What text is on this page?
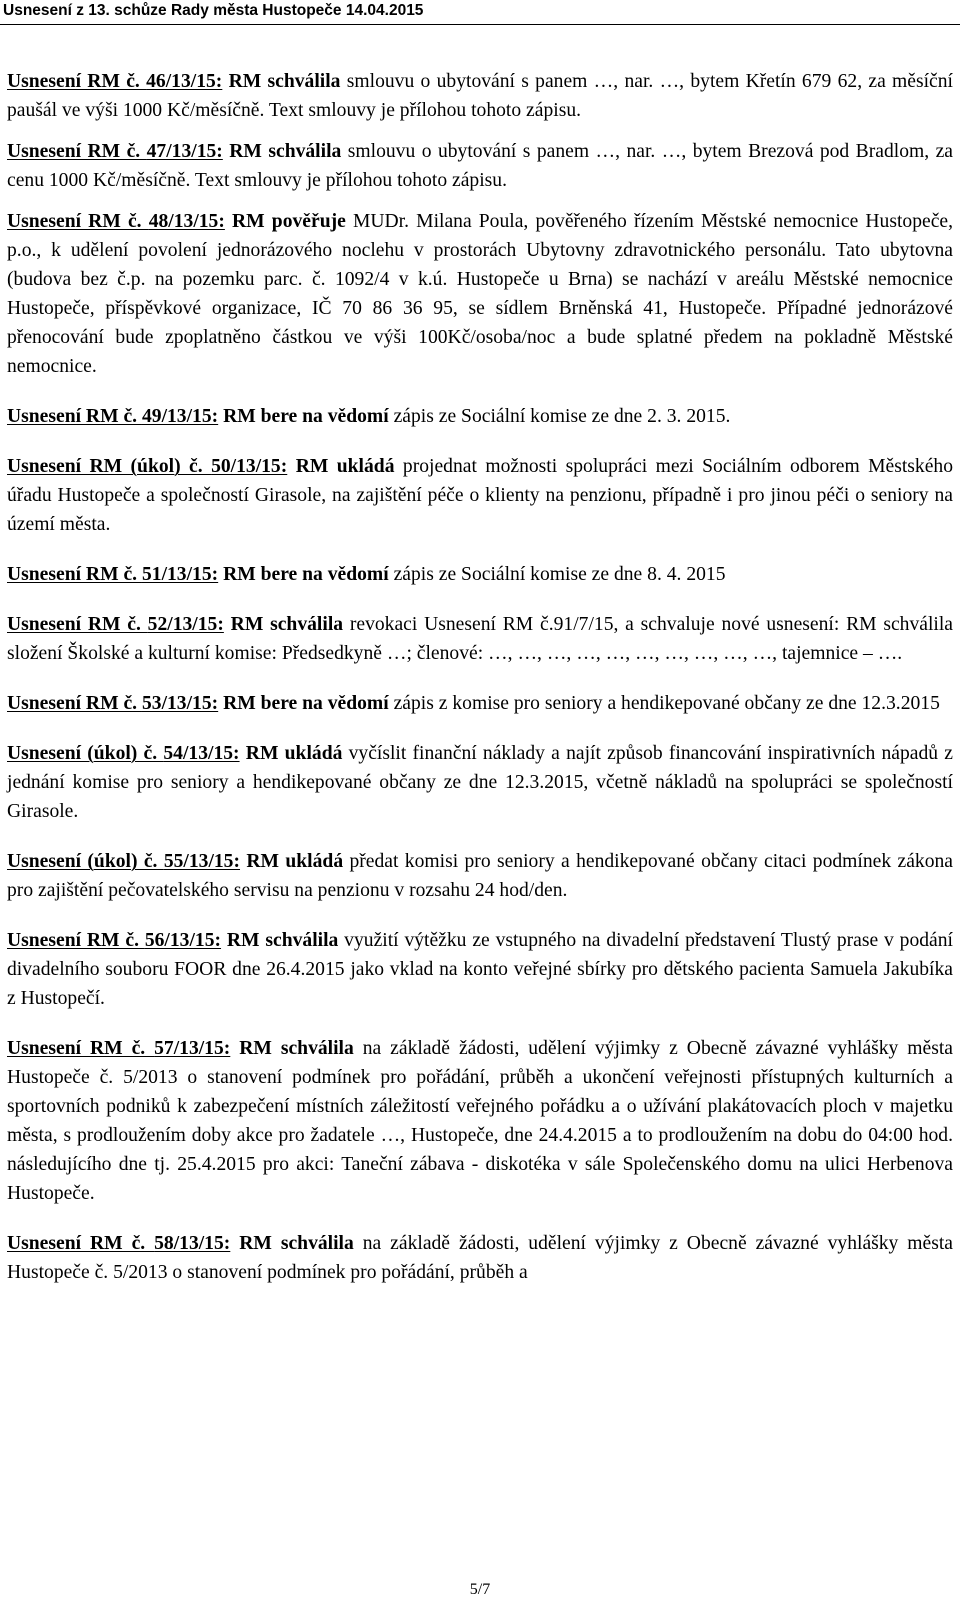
Usnesení z 13. schůze Rady města Hustopeče 14.04.2015

Usnesení RM č. 46/13/15: RM schválila smlouvu o ubytování s panem …, nar. …, bytem Křetín 679 62, za měsíční paušál ve výši 1000 Kč/měsíčně. Text smlouvy je přílohou tohoto zápisu.

Usnesení RM č. 47/13/15: RM schválila smlouvu o ubytování s panem …, nar. …, bytem Brezová pod Bradlom, za cenu 1000 Kč/měsíčně. Text smlouvy je přílohou tohoto zápisu.

Usnesení RM č. 48/13/15: RM pověřuje MUDr. Milana Poula, pověřeného řízením Městské nemocnice Hustopeče, p.o., k udělení povolení jednorázového noclehu v prostorách Ubytovny zdravotnického personálu. Tato ubytovna (budova bez č.p. na pozemku parc. č. 1092/4 v k.ú. Hustopeče u Brna) se nachází v areálu Městské nemocnice Hustopeče, příspěvkové organizace, IČ 70 86 36 95, se sídlem Brněnská 41, Hustopeče. Případné jednorázové přenocování bude zpoplatněno částkou ve výši 100Kč/osoba/noc a bude splatné předem na pokladně Městské nemocnice.

Usnesení RM č. 49/13/15: RM bere na vědomí zápis ze Sociální komise ze dne 2. 3. 2015.

Usnesení RM (úkol) č. 50/13/15: RM ukládá projednat možnosti spolupráci mezi Sociálním odborem Městského úřadu Hustopeče a společností Girasole, na zajištění péče o klienty na penzionu, případně i pro jinou péči o seniory na území města.

Usnesení RM č. 51/13/15: RM bere na vědomí zápis ze Sociální komise ze dne 8. 4. 2015

Usnesení RM č. 52/13/15: RM schválila revokaci Usnesení RM č.91/7/15, a schvaluje nové usnesení: RM schválila složení Školské a kulturní komise: Předsedkyně …; členové: …, …, …, …, …, …, …, …, …, …, tajemnice – ….

Usnesení RM č. 53/13/15: RM bere na vědomí zápis z komise pro seniory a hendikepované občany ze dne 12.3.2015

Usnesení (úkol) č. 54/13/15: RM ukládá vyčíslit finanční náklady a najít způsob financování inspirativních nápadů z jednání komise pro seniory a hendikepované občany ze dne 12.3.2015, včetně nákladů na spolupráci se společností Girasole.

Usnesení (úkol) č. 55/13/15: RM ukládá předat komisi pro seniory a hendikepované občany citaci podmínek zákona pro zajištění pečovatelského servisu na penzionu v rozsahu 24 hod/den.

Usnesení RM č. 56/13/15: RM schválila využití výtěžku ze vstupného na divadelní představení Tlustý prase v podání divadelního souboru FOOR dne 26.4.2015 jako vklad na konto veřejné sbírky pro dětského pacienta Samuela Jakubíka z Hustopečí.

Usnesení RM č. 57/13/15: RM schválila na základě žádosti, udělení výjimky z Obecně závazné vyhlášky města Hustopeče č. 5/2013 o stanovení podmínek pro pořádání, průběh a ukončení veřejnosti přístupných kulturních a sportovních podniků k zabezpečení místních záležitostí veřejného pořádku a o užívání plakátovacích ploch v majetku města, s prodloužením doby akce pro žadatele …, Hustopeče, dne 24.4.2015 a to prodloužením na dobu do 04:00 hod. následujícího dne tj. 25.4.2015 pro akci: Taneční zábava - diskotéka v sále Společenského domu na ulici Herbenova Hustopeče.

Usnesení RM č. 58/13/15: RM schválila na základě žádosti, udělení výjimky z Obecně závazné vyhlášky města Hustopeče č. 5/2013 o stanovení podmínek pro pořádání, průběh a

5/7
